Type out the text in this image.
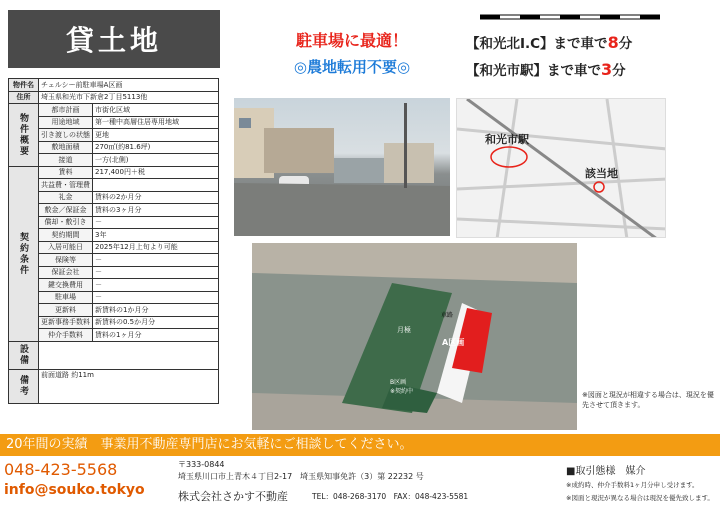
貸土地	駐車場に最適！
◎農地転用不要◎
【和光北I.C】まで車で8分
【和光市駅】まで車で3分
物件名	チェルシー前駐車場A区画	
住所	埼玉県和光市下新倉2丁目5113他	
物件概要	都市計画	市街化区域
	用途地域	第一種中高層住居専用地域
	引き渡しの状態	更地
	敷地面積	270㎡(約81.6坪)
	接道	一方(北側)
契約条件	賃料	217,400円＋税
	共益費・管理費	
	礼金	賃料の2か月分
	敷金／保証金	賃料の3ヶ月分
	償却・敷引き	－
	契約期間	3年
	入居可能日	2025年12月上旬より可能
	保険等	－
	保証会社	－
	鍵交換費用	－
	駐車場	－
	更新料	新賃料の1か月分
	更新事務手数料	新賃料の0.5か月分
	仲介手数料	賃料の1ヶ月分
設備		
備考	前面道路 約11m	
和光市駅
該当地
月極
車路
A区画
B区画
※契約中	※図面と現況が相違する場合は、現況を優先させて頂きます。
20年間の実績　事業用不動産専門店にお気軽にご相談してください。
048-423-5568
info@souko.tokyo
〒333-0844
埼玉県川口市上青木４丁目2-17　埼玉県知事免許（3）第 22232 号
株式会社さかす不動産	TEL：048-268-3170　FAX：048-423-5581
■取引態様　媒介
※成約時、仲介手数料1ヶ月分申し受けます。
※図面と現況が異なる場合は現況を優先致します。
